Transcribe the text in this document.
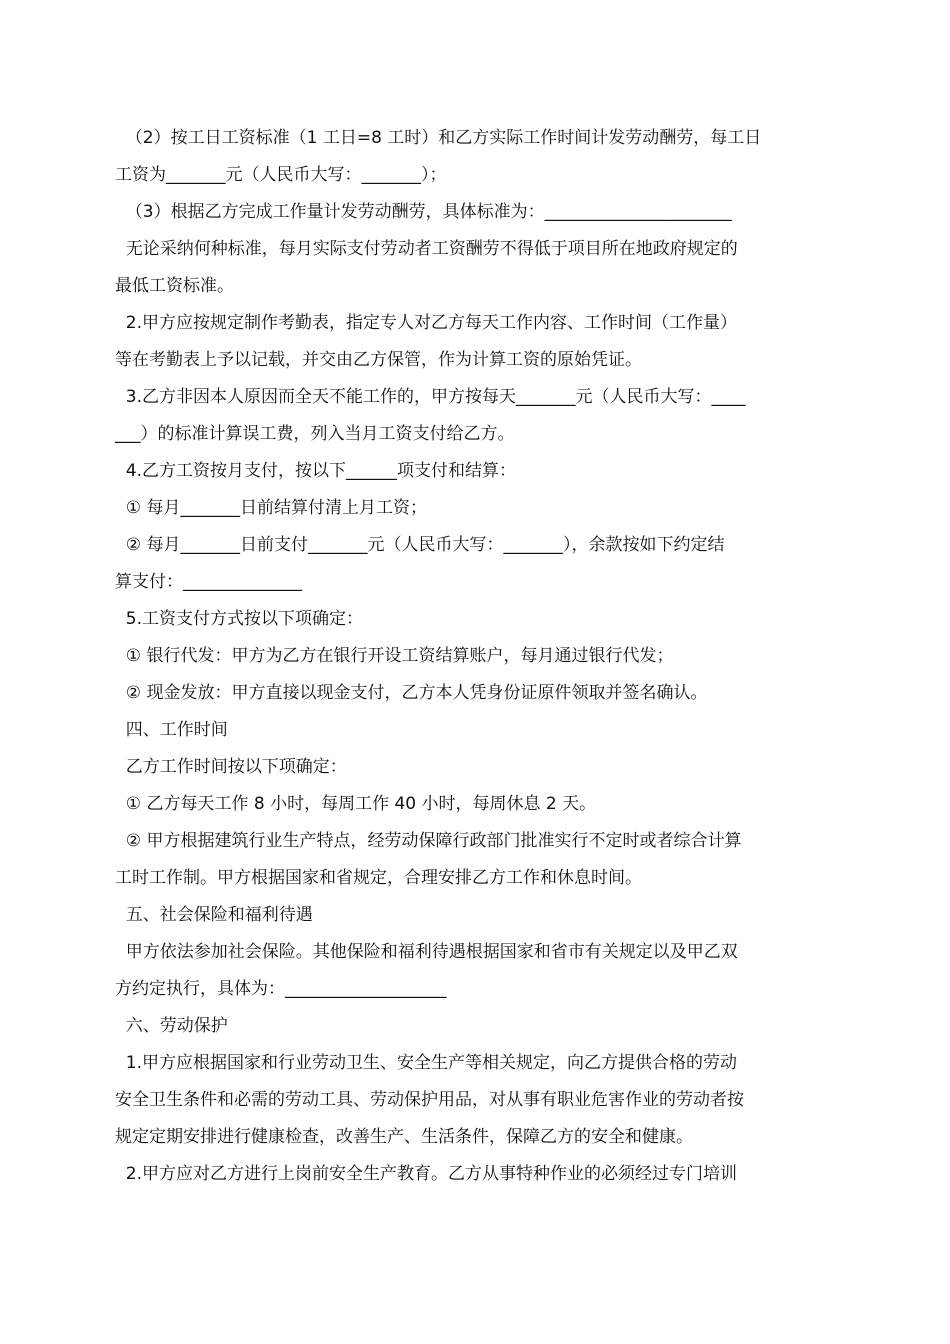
（2）按工日工资标准（1 工日=8 工时）和乙方实际工作时间计发劳动酬劳，每工日
工资为_______元（人民币大写：_______）；
（3）根据乙方完成工作量计发劳动酬劳，具体标准为：______________________
无论采纳何种标准，每月实际支付劳动者工资酬劳不得低于项目所在地政府规定的
最低工资标准。
2.甲方应按规定制作考勤表，指定专人对乙方每天工作内容、工作时间（工作量）
等在考勤表上予以记载，并交由乙方保管，作为计算工资的原始凭证。
3.乙方非因本人原因而全天不能工作的，甲方按每天_______元（人民币大写：____
___）的标准计算误工费，列入当月工资支付给乙方。
4.乙方工资按月支付，按以下______项支付和结算：
① 每月_______日前结算付清上月工资；
② 每月_______日前支付_______元（人民币大写：_______），余款按如下约定结
算支付：______________
5.工资支付方式按以下项确定：
① 银行代发：甲方为乙方在银行开设工资结算账户，每月通过银行代发；
② 现金发放：甲方直接以现金支付，乙方本人凭身份证原件领取并签名确认。
四、工作时间
乙方工作时间按以下项确定：
① 乙方每天工作 8 小时，每周工作 40 小时，每周休息 2 天。
② 甲方根据建筑行业生产特点，经劳动保障行政部门批准实行不定时或者综合计算
工时工作制。甲方根据国家和省规定，合理安排乙方工作和休息时间。
五、社会保险和福利待遇
甲方依法参加社会保险。其他保险和福利待遇根据国家和省市有关规定以及甲乙双
方约定执行，具体为：___________________
六、劳动保护
1.甲方应根据国家和行业劳动卫生、安全生产等相关规定，向乙方提供合格的劳动
安全卫生条件和必需的劳动工具、劳动保护用品，对从事有职业危害作业的劳动者按
规定定期安排进行健康检查，改善生产、生活条件，保障乙方的安全和健康。
2.甲方应对乙方进行上岗前安全生产教育。乙方从事特种作业的必须经过专门培训
